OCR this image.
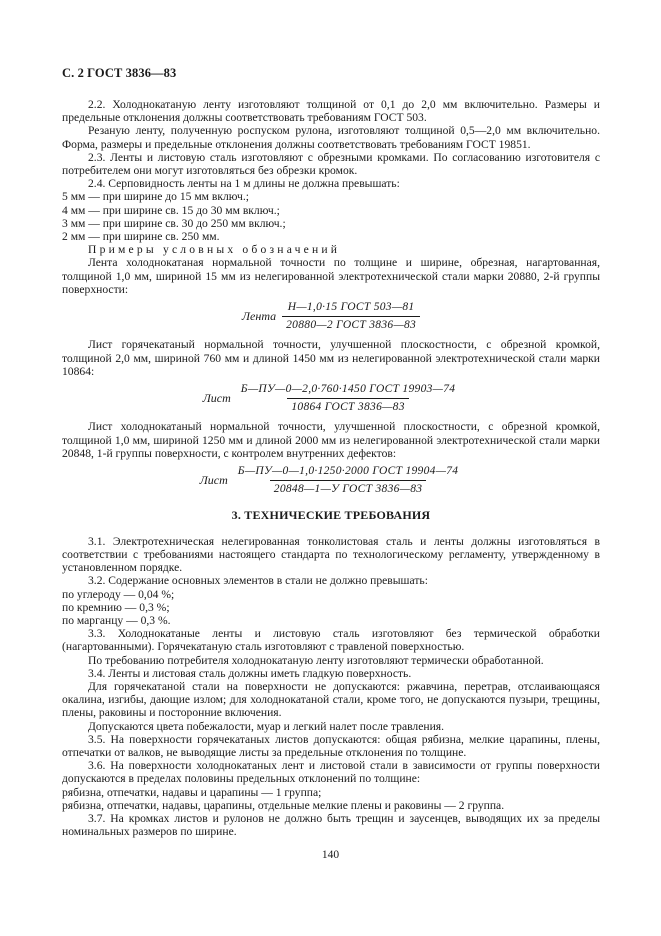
С. 2 ГОСТ 3836—83

2.2. Холоднокатаную ленту изготовляют толщиной от 0,1 до 2,0 мм включительно. Размеры и предельные отклонения должны соответствовать требованиям ГОСТ 503.

Резаную ленту, полученную роспуском рулона, изготовляют толщиной 0,5—2,0 мм включительно. Форма, размеры и предельные отклонения должны соответствовать требованиям ГОСТ 19851.

2.3. Ленты и листовую сталь изготовляют с обрезными кромками. По согласованию изготовителя с потребителем они могут изготовляться без обрезки кромок.

2.4. Серповидность ленты на 1 м длины не должна превышать:

5 мм — при ширине до 15 мм включ.;

4 мм — при ширине св. 15 до 30 мм включ.;

3 мм — при ширине св. 30 до 250 мм включ.;

2 мм — при ширине св. 250 мм.

Примеры условных обозначений

Лента холоднокатаная нормальной точности по толщине и ширине, обрезная, нагартованная, толщиной 1,0 мм, шириной 15 мм из нелегированной электротехнической стали марки 20880, 2-й группы поверхности:

Лента $\frac{\text{Н—1,0·15 ГОСТ 503—81}}{\text{20880—2 ГОСТ 3836—83}}$

Лист горячекатаный нормальной точности, улучшенной плоскостности, с обрезной кромкой, толщиной 2,0 мм, шириной 760 мм и длиной 1450 мм из нелегированной электротехнической стали марки 10864:

Лист $\frac{\text{Б—ПУ—0—2,0·760·1450 ГОСТ 19903—74}}{\text{10864 ГОСТ 3836—83}}$

Лист холоднокатаный нормальной точности, улучшенной плоскостности, с обрезной кромкой, толщиной 1,0 мм, шириной 1250 мм и длиной 2000 мм из нелегированной электротехнической стали марки 20848, 1-й группы поверхности, с контролем внутренних дефектов:

Лист $\frac{\text{Б—ПУ—0—1,0·1250·2000 ГОСТ 19904—74}}{\text{20848—1—У ГОСТ 3836—83}}$

3. ТЕХНИЧЕСКИЕ ТРЕБОВАНИЯ

3.1. Электротехническая нелегированная тонколистовая сталь и ленты должны изготовляться в соответствии с требованиями настоящего стандарта по технологическому регламенту, утвержденному в установленном порядке.

3.2. Содержание основных элементов в стали не должно превышать:

по углероду — 0,04 %;

по кремнию — 0,3 %;

по марганцу — 0,3 %.

3.3. Холоднокатаные ленты и листовую сталь изготовляют без термической обработки (нагартованными). Горячекатаную сталь изготовляют с травленой поверхностью.

По требованию потребителя холоднокатаную ленту изготовляют термически обработанной.

3.4. Ленты и листовая сталь должны иметь гладкую поверхность.

Для горячекатаной стали на поверхности не допускаются: ржавчина, перетрав, отслаивающаяся окалина, изгибы, дающие излом; для холоднокатаной стали, кроме того, не допускаются пузыри, трещины, плены, раковины и посторонние включения.

Допускаются цвета побежалости, муар и легкий налет после травления.

3.5. На поверхности горячекатаных листов допускаются: общая рябизна, мелкие царапины, плены, отпечатки от валков, не выводящие листы за предельные отклонения по толщине.

3.6. На поверхности холоднокатаных лент и листовой стали в зависимости от группы поверхности допускаются в пределах половины предельных отклонений по толщине:

рябизна, отпечатки, надавы и царапины — 1 группа;

рябизна, отпечатки, надавы, царапины, отдельные мелкие плены и раковины — 2 группа.

3.7. На кромках листов и рулонов не должно быть трещин и заусенцев, выводящих их за пределы номинальных размеров по ширине.

140
